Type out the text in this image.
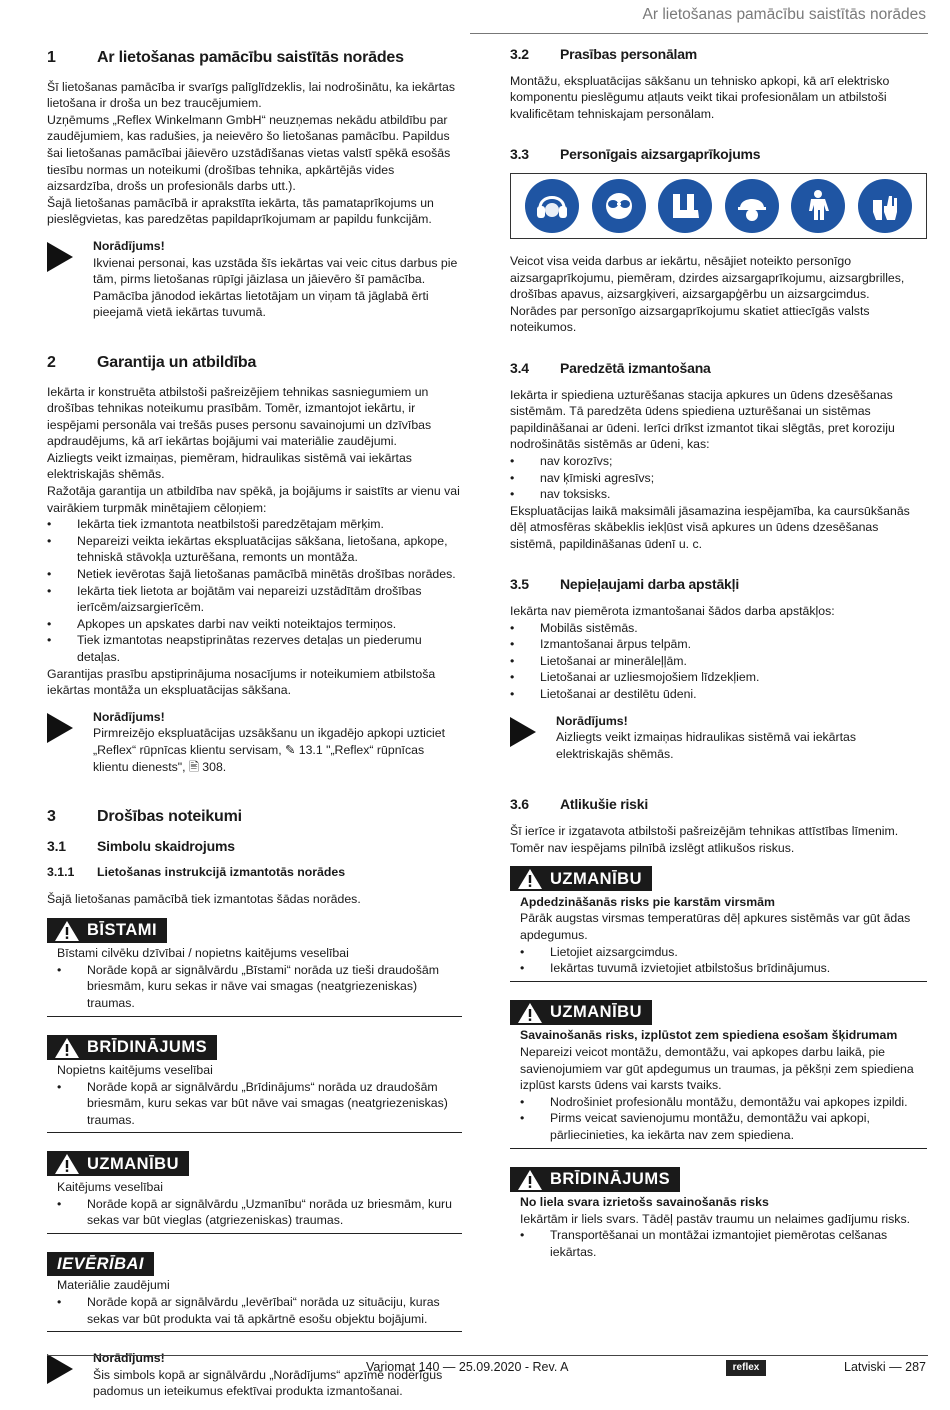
Ar lietošanas pamācību saistītās norādes
1	Ar lietošanas pamācību saistītās norādes

Šī lietošanas pamācība ir svarīgs palīglīdzeklis, lai nodrošinātu, ka iekārtas lietošana ir droša un bez traucējumiem.

Uzņēmums „Reflex Winkelmann GmbH“ neuzņemas nekādu atbildību par zaudējumiem, kas radušies, ja neievēro šo lietošanas pamācību. Papildus šai lietošanas pamācībai jāievēro uzstādīšanas vietas valstī spēkā esošās tiesību normas un noteikumi (drošības tehnika, apkārtējās vides aizsardzība, drošs un profesionāls darbs utt.).

Šajā lietošanas pamācībā ir aprakstīta iekārta, tās pamataprīkojums un pieslēgvietas, kas paredzētas papildaprīkojumam ar papildu funkcijām.

Norādījums!
Ikvienai personai, kas uzstāda šīs iekārtas vai veic citus darbus pie tām, pirms lietošanas rūpīgi jāizlasa un jāievēro šī pamācība. Pamācība jānodod iekārtas lietotājam un viņam tā jāglabā ērti pieejamā vietā iekārtas tuvumā.
2	Garantija un atbildība

Iekārta ir konstruēta atbilstoši pašreizējiem tehnikas sasniegumiem un drošības tehnikas noteikumu prasībām. Tomēr, izmantojot iekārtu, ir iespējami personāla vai trešās puses personu savainojumi un dzīvības apdraudējums, kā arī iekārtas bojājumi vai materiālie zaudējumi.

Aizliegts veikt izmaiņas, piemēram, hidraulikas sistēmā vai iekārtas elektriskajās shēmās.

Ražotāja garantija un atbildība nav spēkā, ja bojājums ir saistīts ar vienu vai vairākiem turpmāk minētajiem cēloņiem:

• Iekārta tiek izmantota neatbilstoši paredzētajam mērķim.
• Nepareizi veikta iekārtas ekspluatācijas sākšana, lietošana, apkope, tehniskā stāvokļa uzturēšana, remonts un montāža.
• Netiek ievērotas šajā lietošanas pamācībā minētās drošības norādes.
• Iekārta tiek lietota ar bojātām vai nepareizi uzstādītām drošības ierīcēm/aizsargierīcēm.
• Apkopes un apskates darbi nav veikti noteiktajos termiņos.
• Tiek izmantotas neapstiprinātas rezerves detaļas un piederumu detaļas.

Garantijas prasību apstiprinājuma nosacījums ir noteikumiem atbilstoša iekārtas montāža un ekspluatācijas sākšana.

Norādījums!
Pirmreizējo ekspluatācijas uzsākšanu un ikgadējo apkopi uzticiet „Reflex“ rūpnīcas klientu servisam, ✎ 13.1 "„Reflex“ rūpnīcas klientu dienests", 🖹 308.
3	Drošības noteikumi
3.1	Simbolu skaidrojums
3.1.1	Lietošanas instrukcijā izmantotās norādes

Šajā lietošanas pamācībā tiek izmantotas šādas norādes.

BĪSTAMI

Bīstami cilvēku dzīvībai / nopietns kaitējums veselībai

• Norāde kopā ar signālvārdu „Bīstami“ norāda uz tieši draudošām briesmām, kuru sekas ir nāve vai smagas (neatgriezeniskas) traumas.
BRĪDINĀJUMS

Nopietns kaitējums veselībai

• Norāde kopā ar signālvārdu „Brīdinājums“ norāda uz draudošām briesmām, kuru sekas var būt nāve vai smagas (neatgriezeniskas) traumas.
UZMANĪBU

Kaitējums veselībai

• Norāde kopā ar signālvārdu „Uzmanību“ norāda uz briesmām, kuru sekas var būt vieglas (atgriezeniskas) traumas.
IEVĒRĪBAI

Materiālie zaudējumi

• Norāde kopā ar signālvārdu „Ievērībai“ norāda uz situāciju, kuras sekas var būt produkta vai tā apkārtnē esošu objektu bojājumi.
Norādījums!
Šis simbols kopā ar signālvārdu „Norādījums“ apzīmē noderīgus padomus un ieteikumus efektīvai produkta izmantošanai.
3.2	Prasības personālam

Montāžu, ekspluatācijas sākšanu un tehnisko apkopi, kā arī elektrisko komponentu pieslēgumu atļauts veikt tikai profesionālam un atbilstoši kvalificētam tehniskajam personālam.

3.3	Personīgais aizsargaprīkojums

Veicot visa veida darbus ar iekārtu, nēsājiet noteikto personīgo aizsargaprīkojumu, piemēram, dzirdes aizsargaprīkojumu, aizsargbrilles, drošības apavus, aizsargķiveri, aizsargapģērbu un aizsargcimdus.

Norādes par personīgo aizsargaprīkojumu skatiet attiecīgās valsts noteikumos.

3.4	Paredzētā izmantošana

Iekārta ir spiediena uzturēšanas stacija apkures un ūdens dzesēšanas sistēmām. Tā paredzēta ūdens spiediena uzturēšanai un sistēmas papildināšanai ar ūdeni. Ierīci drīkst izmantot tikai slēgtās, pret koroziju nodrošinātās sistēmās ar ūdeni, kas:

• nav korozīvs;
• nav ķīmiski agresīvs;
• nav toksisks.

Ekspluatācijas laikā maksimāli jāsamazina iespējamība, ka caursūkšanās dēļ atmosfēras skābeklis iekļūst visā apkures un ūdens dzesēšanas sistēmā, papildināšanas ūdenī u. c.

3.5	Nepieļaujami darba apstākļi

Iekārta nav piemērota izmantošanai šādos darba apstākļos:

• Mobilās sistēmās.
• Izmantošanai ārpus telpām.
• Lietošanai ar minerāleļļām.
• Lietošanai ar uzliesmojošiem līdzekļiem.
• Lietošanai ar destilētu ūdeni.
Norādījums!
Aizliegts veikt izmaiņas hidraulikas sistēmā vai iekārtas elektriskajās shēmās.
3.6	Atlikušie riski

Šī ierīce ir izgatavota atbilstoši pašreizējām tehnikas attīstības līmenim. Tomēr nav iespējams pilnībā izslēgt atlikušos riskus.

UZMANĪBU
Apdedzināšanās risks pie karstām virsmām

Pārāk augstas virsmas temperatūras dēļ apkures sistēmās var gūt ādas apdegumus.

• Lietojiet aizsargcimdus.
• Iekārtas tuvumā izvietojiet atbilstošus brīdinājumus.
UZMANĪBU
Savainošanās risks, izplūstot zem spiediena esošam šķidrumam

Nepareizi veicot montāžu, demontāžu, vai apkopes darbu laikā, pie savienojumiem var gūt apdegumus un traumas, ja pēkšņi zem spiediena izplūst karsts ūdens vai karsts tvaiks.

• Nodrošiniet profesionālu montāžu, demontāžu vai apkopes izpildi.
• Pirms veicat savienojumu montāžu, demontāžu vai apkopi, pārliecinieties, ka iekārta nav zem spiediena.
BRĪDINĀJUMS
No liela svara izrietošs savainošanās risks

Iekārtām ir liels svars. Tādēļ pastāv traumu un nelaimes gadījumu risks.

• Transportēšanai un montāžai izmantojiet piemērotas celšanas iekārtas.
Variomat 140 — 25.09.2020 - Rev. A	reflex	Latviski — 287
